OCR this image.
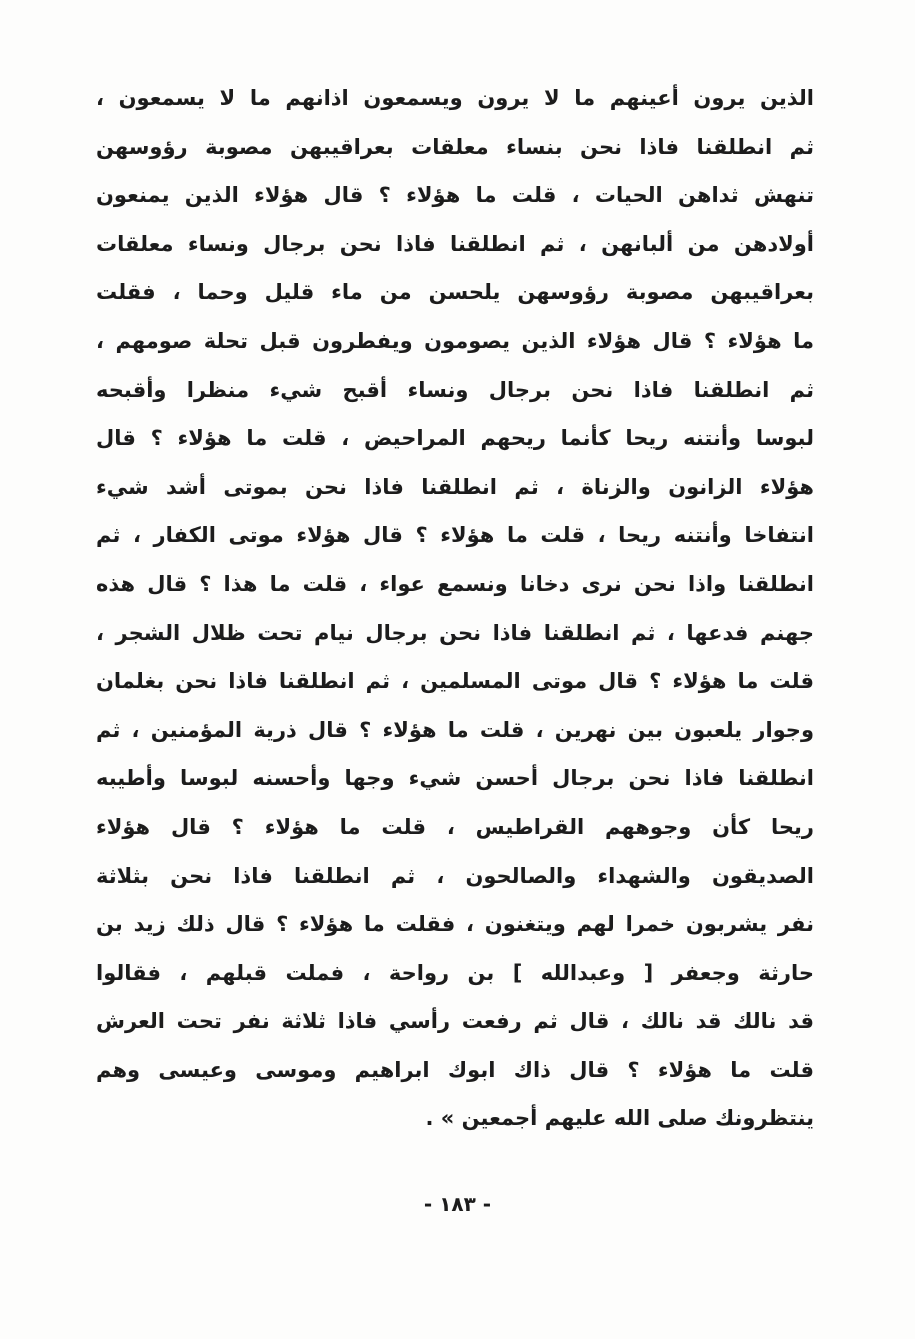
الذين يرون أعينهم ما لا يرون ويسمعون اذانهم ما لا يسمعون ،
ثم انطلقنا فاذا نحن بنساء معلقات بعراقيبهن مصوبة رؤوسهن
تنهش ثداهن الحيات ، قلت ما هؤلاء ؟ قال هؤلاء الذين يمنعون
أولادهن من ألبانهن ، ثم انطلقنا فاذا نحن برجال ونساء معلقات
بعراقيبهن مصوبة رؤوسهن يلحسن من ماء قليل وحما ، فقلت
ما هؤلاء ؟ قال هؤلاء الذين يصومون ويفطرون قبل تحلة صومهم ،
ثم انطلقنا فاذا نحن برجال ونساء أقبح شيء منظرا وأقبحه
لبوسا وأنتنه ريحا كأنما ريحهم المراحيض ، قلت ما هؤلاء ؟ قال
هؤلاء الزانون والزناة ، ثم انطلقنا فاذا نحن بموتى أشد شيء
انتفاخا وأنتنه ريحا ، قلت ما هؤلاء ؟ قال هؤلاء موتى الكفار ، ثم
انطلقنا واذا نحن نرى دخانا ونسمع عواء ، قلت ما هذا ؟ قال هذه
جهنم فدعها ، ثم انطلقنا فاذا نحن برجال نيام تحت ظلال الشجر ،
قلت ما هؤلاء ؟ قال موتى المسلمين ، ثم انطلقنا فاذا نحن بغلمان
وجوار يلعبون بين نهرين ، قلت ما هؤلاء ؟ قال ذرية المؤمنين ، ثم
انطلقنا فاذا نحن برجال أحسن شيء وجها وأحسنه لبوسا وأطيبه
ريحا كأن وجوههم القراطيس ، قلت ما هؤلاء ؟ قال هؤلاء
الصديقون والشهداء والصالحون ، ثم انطلقنا فاذا نحن بثلاثة
نفر يشربون خمرا لهم ويتغنون ، فقلت ما هؤلاء ؟ قال ذلك زيد بن
حارثة وجعفر [ وعبدالله ] بن رواحة ، فملت قبلهم ، فقالوا
قد نالك قد نالك ، قال ثم رفعت رأسي فاذا ثلاثة نفر تحت العرش
قلت ما هؤلاء ؟ قال ذاك ابوك ابراهيم وموسى وعيسى وهم
ينتظرونك صلى الله عليهم أجمعين » .
- ١٨٣ -
